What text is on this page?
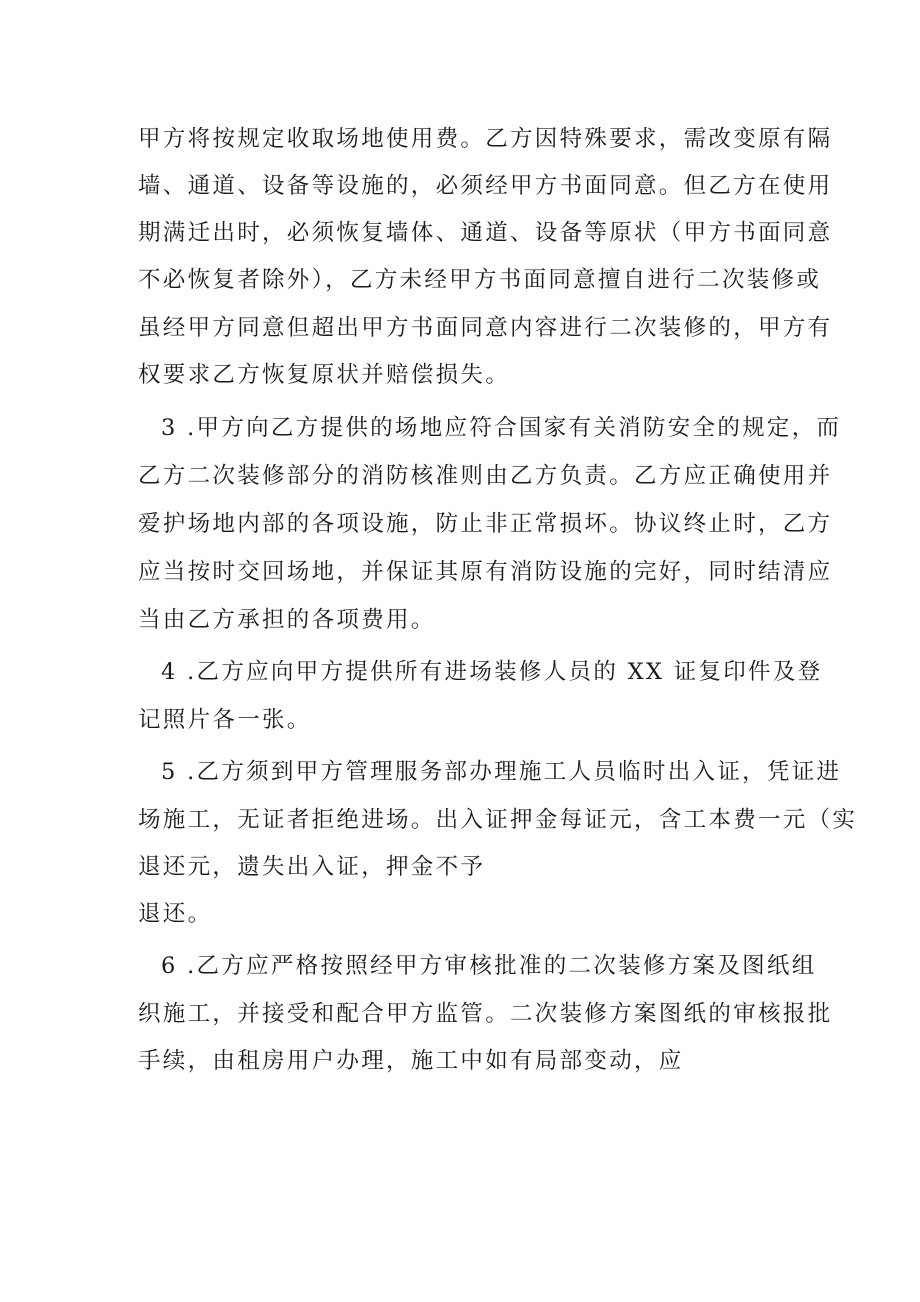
甲方将按规定收取场地使用费。乙方因特殊要求，需改变原有隔
墙、通道、设备等设施的，必须经甲方书面同意。但乙方在使用
期满迁出时，必须恢复墙体、通道、设备等原状（甲方书面同意
不必恢复者除外），乙方未经甲方书面同意擅自进行二次装修或
虽经甲方同意但超出甲方书面同意内容进行二次装修的，甲方有
权要求乙方恢复原状并赔偿损失。
3 .甲方向乙方提供的场地应符合国家有关消防安全的规定，而
乙方二次装修部分的消防核准则由乙方负责。乙方应正确使用并
爱护场地内部的各项设施，防止非正常损坏。协议终止时，乙方
应当按时交回场地，并保证其原有消防设施的完好，同时结清应
当由乙方承担的各项费用。
4 .乙方应向甲方提供所有进场装修人员的 XX 证复印件及登
记照片各一张。
5 .乙方须到甲方管理服务部办理施工人员临时出入证，凭证进
场施工，无证者拒绝进场。出入证押金每证元，含工本费一元（实
退还元，遗失出入证，押金不予
退还。
6 .乙方应严格按照经甲方审核批准的二次装修方案及图纸组
织施工，并接受和配合甲方监管。二次装修方案图纸的审核报批
手续，由租房用户办理，施工中如有局部变动，应
